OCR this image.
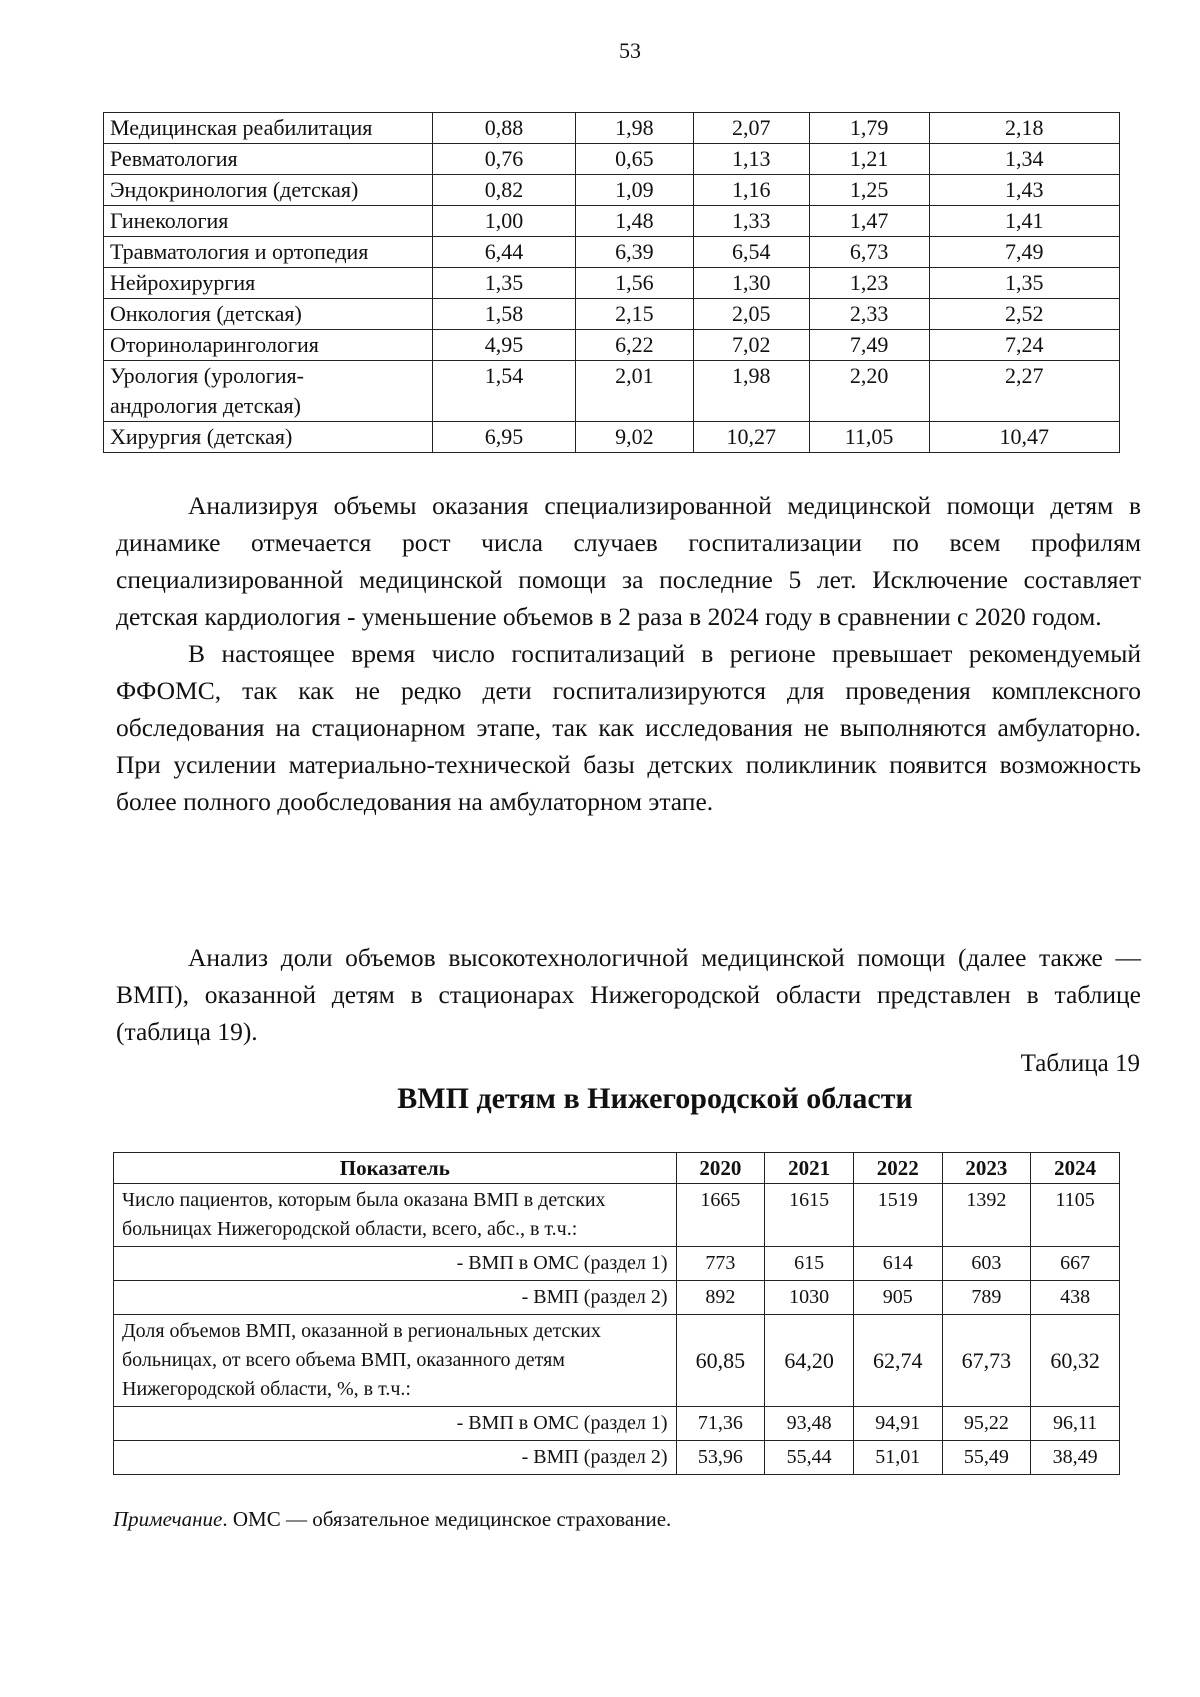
53
Медицинская реабилитация	0,88	1,98	2,07	1,79	2,18
Ревматология	0,76	0,65	1,13	1,21	1,34
Эндокринология (детская)	0,82	1,09	1,16	1,25	1,43
Гинекология	1,00	1,48	1,33	1,47	1,41
Травматология и ортопедия	6,44	6,39	6,54	6,73	7,49
Нейрохирургия	1,35	1,56	1,30	1,23	1,35
Онкология (детская)	1,58	2,15	2,05	2,33	2,52
Оториноларингология	4,95	6,22	7,02	7,49	7,24
Урология (урология-
андрология детская)	1,54	2,01	1,98	2,20	2,27
Хирургия (детская)	6,95	9,02	10,27	11,05	10,47

Анализируя объемы оказания специализированной медицинской помощи детям в динамике отмечается рост числа случаев госпитализации по всем профилям специализированной медицинской помощи за последние 5 лет. Исключение составляет детская кардиология - уменьшение объемов в 2 раза в 2024 году в сравнении с 2020 годом.

В настоящее время число госпитализаций в регионе превышает рекомендуемый ФФОМС, так как не редко дети госпитализируются для проведения комплексного обследования на стационарном этапе, так как исследования не выполняются амбулаторно. При усилении материально-технической базы детских поликлиник появится возможность более полного дообследования на амбулаторном этапе.

Анализ доли объемов высокотехнологичной медицинской помощи (далее также — ВМП), оказанной детям в стационарах Нижегородской области представлен в таблице (таблица 19).

Таблица 19
ВМП детям в Нижегородской области
Показатель	2020	2021	2022	2023	2024
Число пациентов, которым была оказана ВМП в детских больницах Нижегородской области, всего, абс., в т.ч.:	1665	1615	1519	1392	1105
- ВМП в ОМС (раздел 1)	773	615	614	603	667
- ВМП (раздел 2)	892	1030	905	789	438
Доля объемов ВМП, оказанной в региональных детских больницах, от всего объема ВМП, оказанного детям Нижегородской области, %, в т.ч.:	60,85	64,20	62,74	67,73	60,32
- ВМП в ОМС (раздел 1)	71,36	93,48	94,91	95,22	96,11
- ВМП (раздел 2)	53,96	55,44	51,01	55,49	38,49
Примечание. ОМС — обязательное медицинское страхование.
